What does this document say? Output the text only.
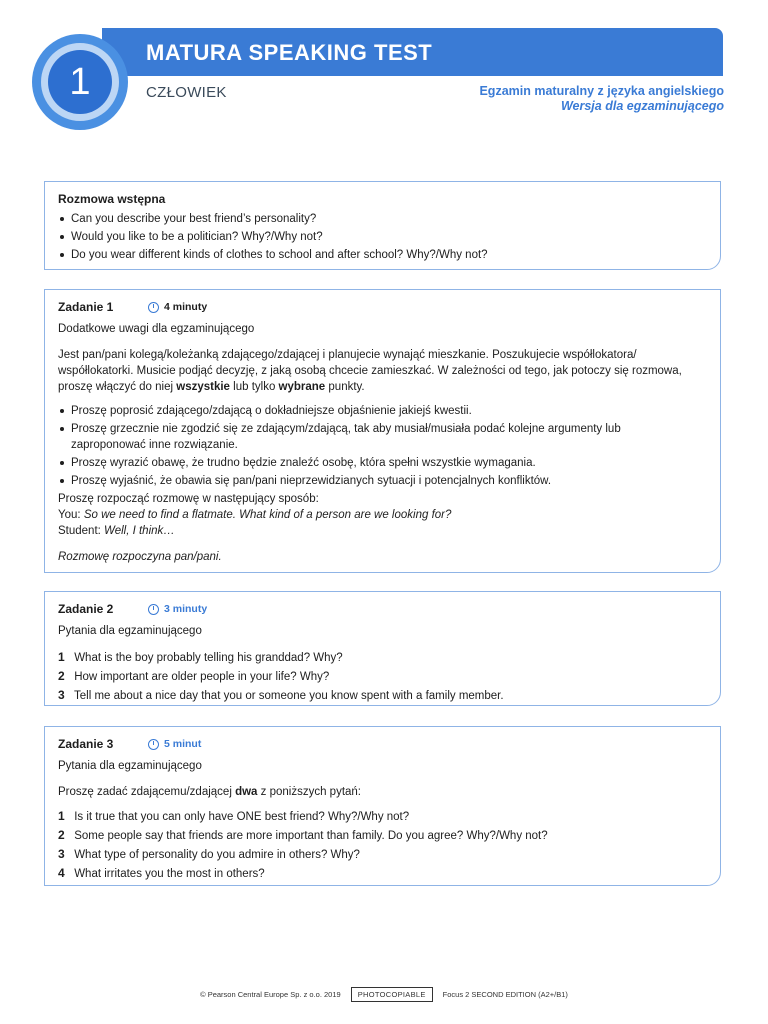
1
MATURA SPEAKING TEST
CZŁOWIEK	Egzamin maturalny z języka angielskiego
Wersja dla egzaminującego
Rozmowa wstępna
Can you describe your best friend’s personality?
Would you like to be a politician? Why?/Why not?
Do you wear different kinds of clothes to school and after school? Why?/Why not?
Zadanie 1	4 minuty

Dodatkowe uwagi dla egzaminującego

Jest pan/pani kolegą/koleżanką zdającego/zdającej i planujecie wynająć mieszkanie. Poszukujecie współlokatora/ współlokatorki. Musicie podjąć decyzję, z jaką osobą chcecie zamieszkać. W zależności od tego, jak potoczy się rozmowa, proszę włączyć do niej wszystkie lub tylko wybrane punkty.

Proszę poprosić zdającego/zdającą o dokładniejsze objaśnienie jakiejś kwestii.
Proszę grzecznie nie zgodzić się ze zdającym/zdającą, tak aby musiał/musiała podać kolejne argumenty lub zaproponować inne rozwiązanie.
Proszę wyrazić obawę, że trudno będzie znaleźć osobę, która spełni wszystkie wymagania.
Proszę wyjaśnić, że obawia się pan/pani nieprzewidzianych sytuacji i potencjalnych konfliktów.

Proszę rozpocząć rozmowę w następujący sposób:

You: So we need to find a flatmate. What kind of a person are we looking for?

Student: Well, I think…

Rozmowę rozpoczyna pan/pani.

Zadanie 2	3 minuty

Pytania dla egzaminującego

1 What is the boy probably telling his granddad? Why?
2 How important are older people in your life? Why?
3 Tell me about a nice day that you or someone you know spent with a family member.
Zadanie 3	5 minut

Pytania dla egzaminującego

Proszę zadać zdającemu/zdającej dwa z poniższych pytań:

1 Is it true that you can only have ONE best friend? Why?/Why not?
2 Some people say that friends are more important than family. Do you agree? Why?/Why not?
3 What type of personality do you admire in others? Why?
4 What irritates you the most in others?
© Pearson Central Europe Sp. z o.o. 2019	PHOTOCOPIABLE	Focus 2 SECOND EDITION (A2+/B1)
